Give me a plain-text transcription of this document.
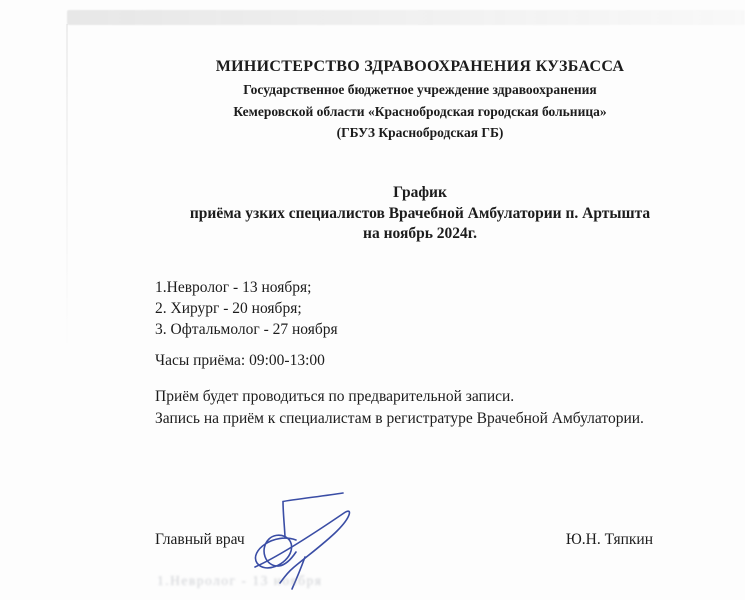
МИНИСТЕРСТВО ЗДРАВООХРАНЕНИЯ КУЗБАССА
Государственное бюджетное учреждение здравоохранения
Кемеровской области «Краснобродская городская больница»
(ГБУЗ Краснобродская ГБ)
График
приёма узких специалистов Врачебной Амбулатории п. Артышта
на ноябрь 2024г.
1.Невролог - 13 ноября;
2. Хирург - 20 ноября;
3. Офтальмолог - 27 ноября
Часы приёма: 09:00-13:00
Приём будет проводиться по предварительной записи.
Запись на приём к специалистам в регистратуре Врачебной Амбулатории.
Главный врач	Ю.Н. Тяпкин
1.Невролог - 13 ноября
